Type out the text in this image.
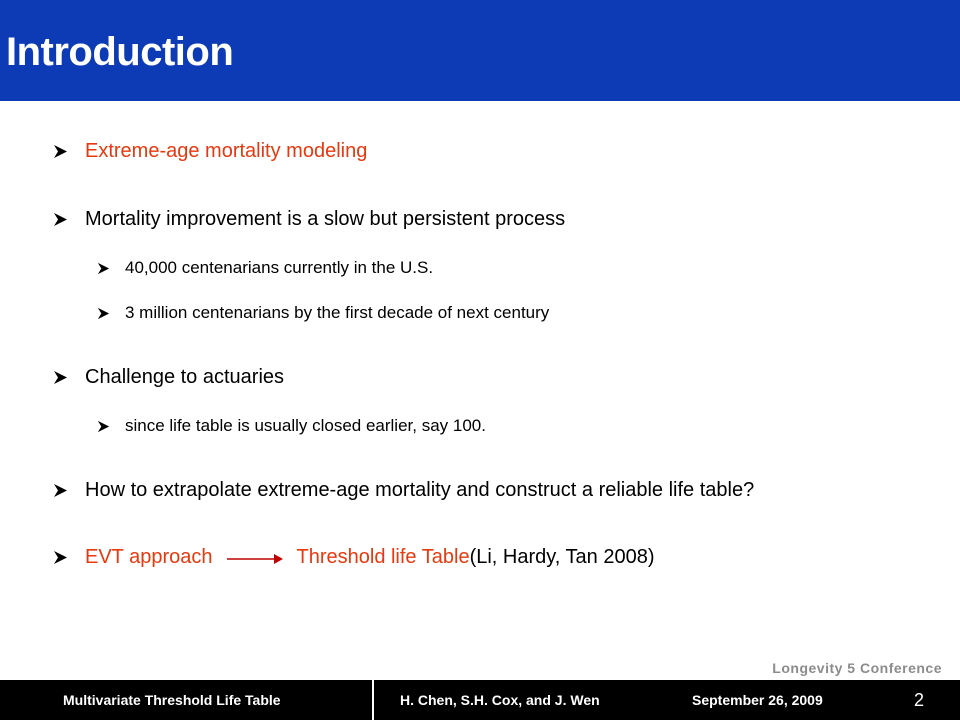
Introduction
Extreme-age mortality modeling
Mortality improvement is a slow but persistent process
40,000 centenarians currently in the U.S.
3 million centenarians by the first decade of next century
Challenge to actuaries
since life table is usually closed earlier, say 100.
How to extrapolate extreme-age mortality and construct a reliable life table?
EVT approach	Threshold life Table (Li, Hardy, Tan 2008)
Longevity 5 Conference
Multivariate Threshold Life Table	H. Chen, S.H. Cox, and J. Wen	September 26, 2009	2
